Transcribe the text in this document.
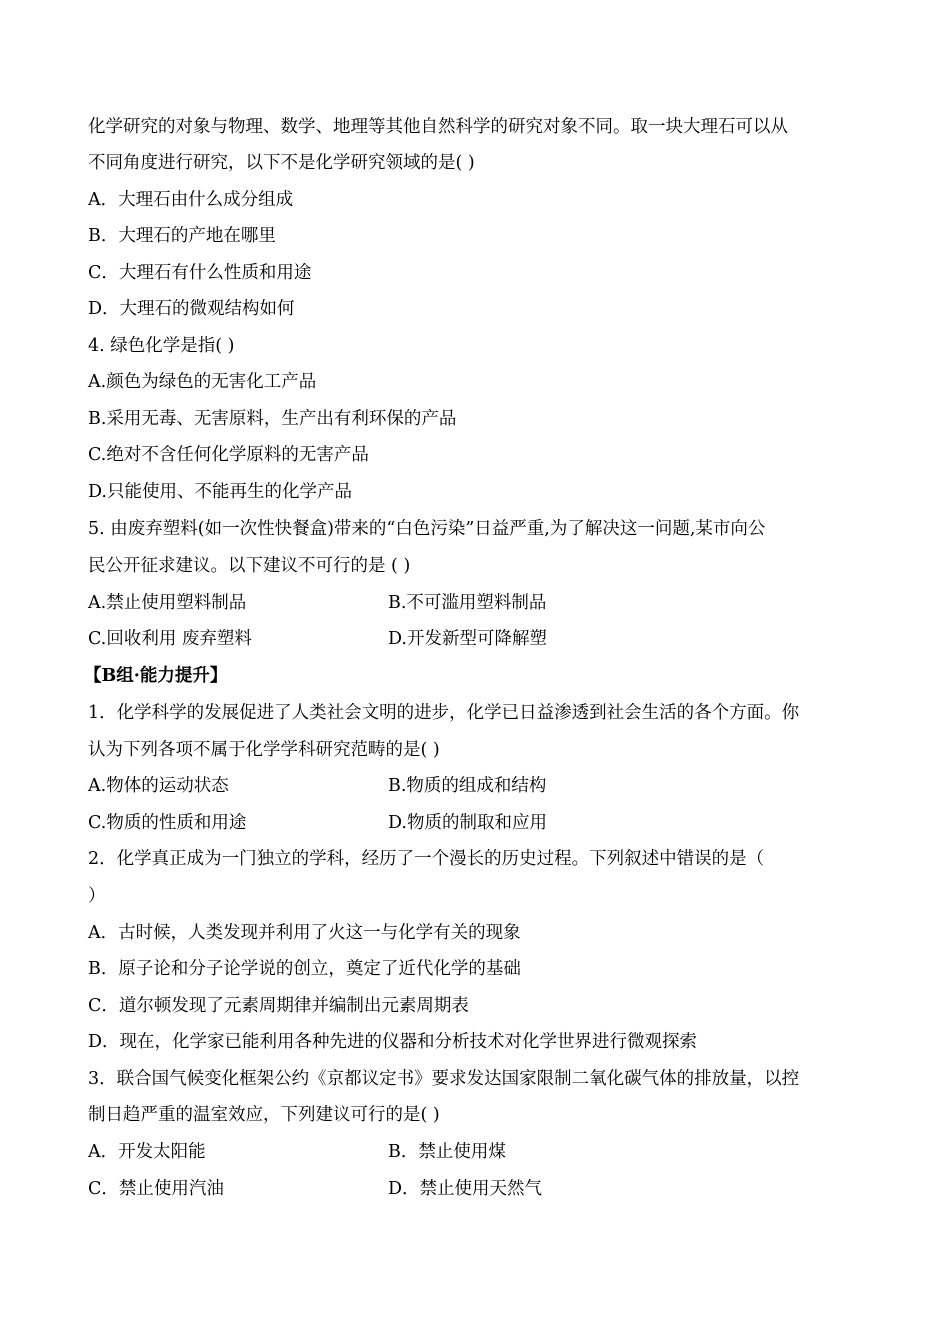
化学研究的对象与物理、数学、地理等其他自然科学的研究对象不同。取一块大理石可以从
不同角度进行研究，以下不是化学研究领域的是( )
A．大理石由什么成分组成
B．大理石的产地在哪里
C．大理石有什么性质和用途
D．大理石的微观结构如何
4. 绿色化学是指( )
A.颜色为绿色的无害化工产品
B.采用无毒、无害原料，生产出有利环保的产品
C.绝对不含任何化学原料的无害产品
D.只能使用、不能再生的化学产品
5. 由废弃塑料(如一次性快餐盒)带来的“白色污染”日益严重,为了解决这一问题,某市向公
民公开征求建议。以下建议不可行的是 ( )
A.禁止使用塑料制品	B.不可滥用塑料制品
C.回收利用 废弃塑料	D.开发新型可降解塑
【B组·能力提升】
1．化学科学的发展促进了人类社会文明的进步，化学已日益渗透到社会生活的各个方面。你
认为下列各项不属于化学学科研究范畴的是( )
A.物体的运动状态	B.物质的组成和结构
C.物质的性质和用途	D.物质的制取和应用
2．化学真正成为一门独立的学科，经历了一个漫长的历史过程。下列叙述中错误的是（
）
A．古时候，人类发现并利用了火这一与化学有关的现象
B．原子论和分子论学说的创立，奠定了近代化学的基础
C．道尔顿发现了元素周期律并编制出元素周期表
D．现在，化学家已能利用各种先进的仪器和分析技术对化学世界进行微观探索
3．联合国气候变化框架公约《京都议定书》要求发达国家限制二氧化碳气体的排放量，以控
制日趋严重的温室效应，下列建议可行的是( )
A．开发太阳能	B．禁止使用煤
C．禁止使用汽油	D．禁止使用天然气
